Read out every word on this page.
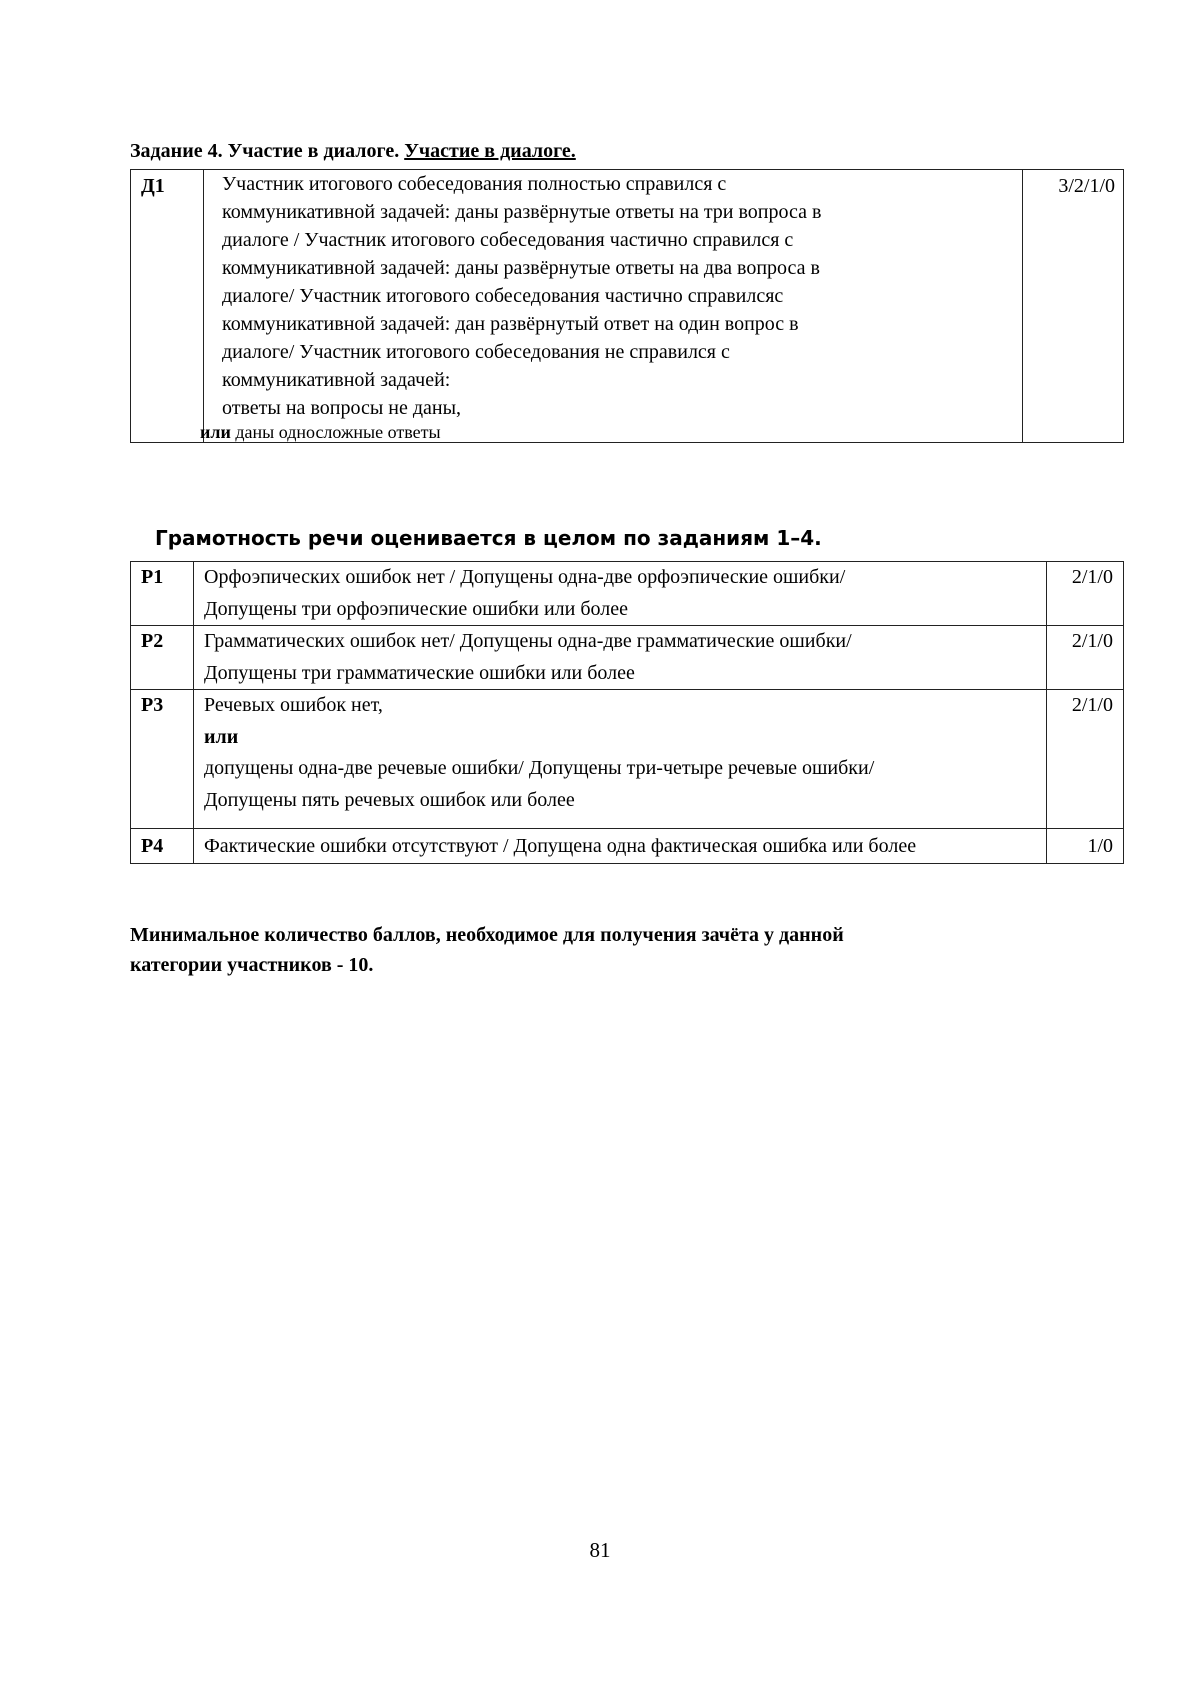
Задание 4. Участие в диалоге. Участие в диалоге.
Д1	Участник итогового собеседования полностью справился с
коммуникативной задачей: даны развёрнутые ответы на три вопроса в
диалоге / Участник итогового собеседования частично справился с
коммуникативной задачей: даны развёрнутые ответы на два вопроса в
диалоге/ Участник итогового собеседования частично справилсяс
коммуникативной задачей: дан развёрнутый ответ на один вопрос в
диалоге/ Участник итогового собеседования не справился с
коммуникативной задачей:
ответы на вопросы не даны,
или даны односложные ответы
	3/2/1/0
Грамотность речи оценивается в целом по заданиям 1–4.
Р1	Орфоэпических ошибок нет / Допущены одна-две орфоэпические ошибки/
Допущены три орфоэпические ошибки или более	2/1/0
Р2	Грамматических ошибок нет/ Допущены одна-две грамматические ошибки/
Допущены три грамматические ошибки или более	2/1/0
Р3	Речевых ошибок нет,
или
допущены одна-две речевые ошибки/ Допущены три-четыре речевые ошибки/
Допущены пять речевых ошибок или более	2/1/0
Р4	Фактические ошибки отсутствуют / Допущена одна фактическая ошибка или более	1/0
Минимальное количество баллов, необходимое для получения зачёта у данной
категории участников - 10.
81
